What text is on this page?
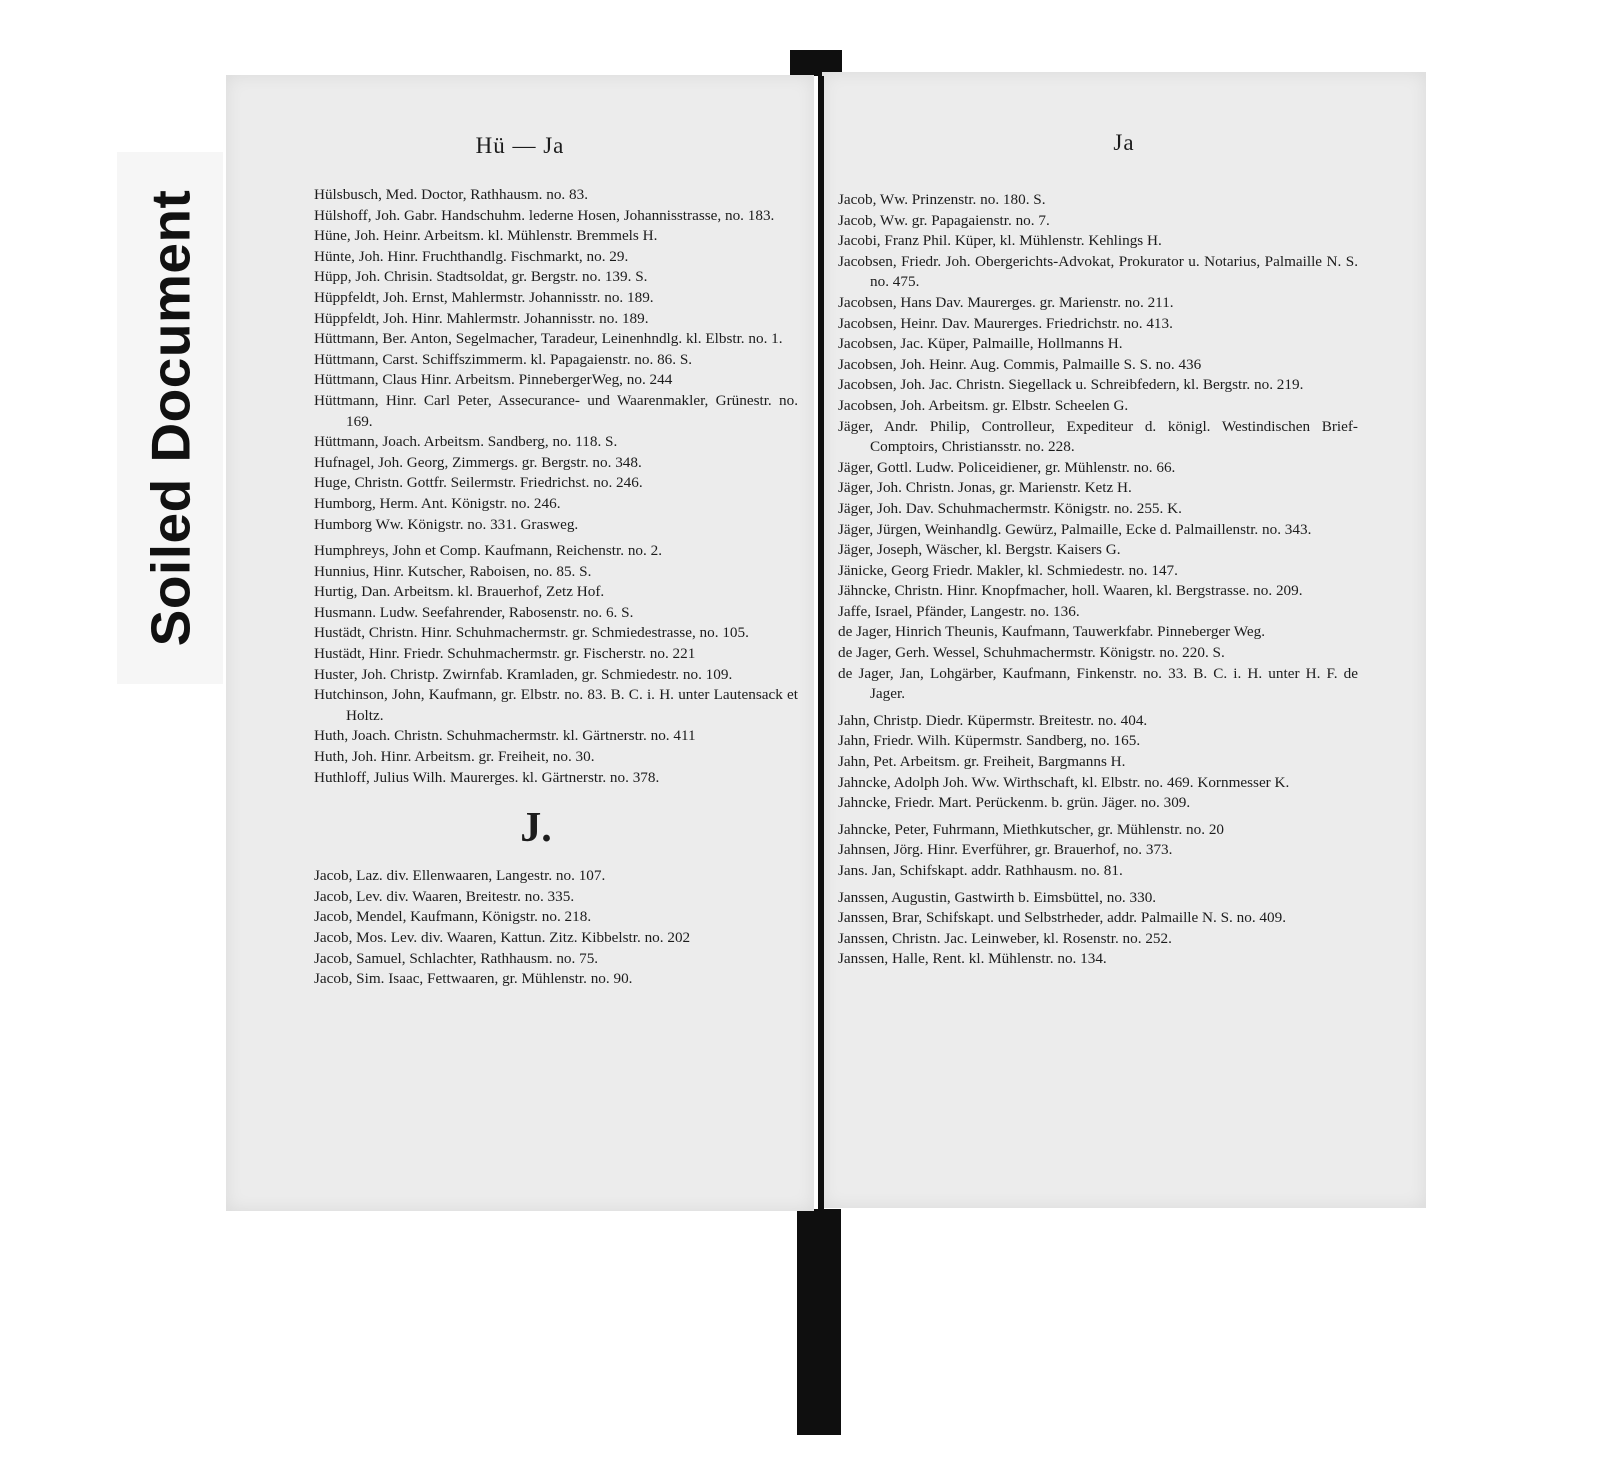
Soiled Document
Hü — Ja
Hülsbusch, Med. Doctor, Rathhausm. no. 83.
Hülshoff, Joh. Gabr. Handschuhm. lederne Hosen, Johannisstrasse, no. 183.
Hüne, Joh. Heinr. Arbeitsm. kl. Mühlenstr. Bremmels H.
Hünte, Joh. Hinr. Fruchthandlg. Fischmarkt, no. 29.
Hüpp, Joh. Chrisin. Stadtsoldat, gr. Bergstr. no. 139. S.
Hüppfeldt, Joh. Ernst, Mahlermstr. Johannisstr. no. 189.
Hüppfeldt, Joh. Hinr. Mahlermstr. Johannisstr. no. 189.
Hüttmann, Ber. Anton, Segelmacher, Taradeur, Leinenhndlg. kl. Elbstr. no. 1.
Hüttmann, Carst. Schiffszimmerm. kl. Papagaienstr. no. 86. S.
Hüttmann, Claus Hinr. Arbeitsm. PinnebergerWeg, no. 244
Hüttmann, Hinr. Carl Peter, Assecurance- und Waarenmakler, Grünestr. no. 169.
Hüttmann, Joach. Arbeitsm. Sandberg, no. 118. S.
Hufnagel, Joh. Georg, Zimmergs. gr. Bergstr. no. 348.
Huge, Christn. Gottfr. Seilermstr. Friedrichst. no. 246.
Humborg, Herm. Ant. Königstr. no. 246.
Humborg Ww. Königstr. no. 331. Grasweg.
Humphreys, John et Comp. Kaufmann, Reichenstr. no. 2.
Hunnius, Hinr. Kutscher, Raboisen, no. 85. S.
Hurtig, Dan. Arbeitsm. kl. Brauerhof, Zetz Hof.
Husmann. Ludw. Seefahrender, Rabosenstr. no. 6. S.
Hustädt, Christn. Hinr. Schuhmachermstr. gr. Schmiedestrasse, no. 105.
Hustädt, Hinr. Friedr. Schuhmachermstr. gr. Fischerstr. no. 221
Huster, Joh. Christp. Zwirnfab. Kramladen, gr. Schmiedestr. no. 109.
Hutchinson, John, Kaufmann, gr. Elbstr. no. 83. B. C. i. H. unter Lautensack et Holtz.
Huth, Joach. Christn. Schuhmachermstr. kl. Gärtnerstr. no. 411
Huth, Joh. Hinr. Arbeitsm. gr. Freiheit, no. 30.
Huthloff, Julius Wilh. Maurerges. kl. Gärtnerstr. no. 378.
J.
Jacob, Laz. div. Ellenwaaren, Langestr. no. 107.
Jacob, Lev. div. Waaren, Breitestr. no. 335.
Jacob, Mendel, Kaufmann, Königstr. no. 218.
Jacob, Mos. Lev. div. Waaren, Kattun. Zitz. Kibbelstr. no. 202
Jacob, Samuel, Schlachter, Rathhausm. no. 75.
Jacob, Sim. Isaac, Fettwaaren, gr. Mühlenstr. no. 90.
Ja
Jacob, Ww. Prinzenstr. no. 180. S.
Jacob, Ww. gr. Papagaienstr. no. 7.
Jacobi, Franz Phil. Küper, kl. Mühlenstr. Kehlings H.
Jacobsen, Friedr. Joh. Obergerichts-Advokat, Prokurator u. Notarius, Palmaille N. S. no. 475.
Jacobsen, Hans Dav. Maurerges. gr. Marienstr. no. 211.
Jacobsen, Heinr. Dav. Maurerges. Friedrichstr. no. 413.
Jacobsen, Jac. Küper, Palmaille, Hollmanns H.
Jacobsen, Joh. Heinr. Aug. Commis, Palmaille S. S. no. 436
Jacobsen, Joh. Jac. Christn. Siegellack u. Schreibfedern, kl. Bergstr. no. 219.
Jacobsen, Joh. Arbeitsm. gr. Elbstr. Scheelen G.
Jäger, Andr. Philip, Controlleur, Expediteur d. königl. Westindischen Brief-Comptoirs, Christiansstr. no. 228.
Jäger, Gottl. Ludw. Policeidiener, gr. Mühlenstr. no. 66.
Jäger, Joh. Christn. Jonas, gr. Marienstr. Ketz H.
Jäger, Joh. Dav. Schuhmachermstr. Königstr. no. 255. K.
Jäger, Jürgen, Weinhandlg. Gewürz, Palmaille, Ecke d. Palmaillenstr. no. 343.
Jäger, Joseph, Wäscher, kl. Bergstr. Kaisers G.
Jänicke, Georg Friedr. Makler, kl. Schmiedestr. no. 147.
Jähncke, Christn. Hinr. Knopfmacher, holl. Waaren, kl. Bergstrasse. no. 209.
Jaffe, Israel, Pfänder, Langestr. no. 136.
de Jager, Hinrich Theunis, Kaufmann, Tauwerkfabr. Pinneberger Weg.
de Jager, Gerh. Wessel, Schuhmachermstr. Königstr. no. 220. S.
de Jager, Jan, Lohgärber, Kaufmann, Finkenstr. no. 33. B. C. i. H. unter H. F. de Jager.
Jahn, Christp. Diedr. Küpermstr. Breitestr. no. 404.
Jahn, Friedr. Wilh. Küpermstr. Sandberg, no. 165.
Jahn, Pet. Arbeitsm. gr. Freiheit, Bargmanns H.
Jahncke, Adolph Joh. Ww. Wirthschaft, kl. Elbstr. no. 469. Kornmesser K.
Jahncke, Friedr. Mart. Perückenm. b. grün. Jäger. no. 309.
Jahncke, Peter, Fuhrmann, Miethkutscher, gr. Mühlenstr. no. 20
Jahnsen, Jörg. Hinr. Everführer, gr. Brauerhof, no. 373.
Jans. Jan, Schifskapt. addr. Rathhausm. no. 81.
Janssen, Augustin, Gastwirth b. Eimsbüttel, no. 330.
Janssen, Brar, Schifskapt. und Selbstrheder, addr. Palmaille N. S. no. 409.
Janssen, Christn. Jac. Leinweber, kl. Rosenstr. no. 252.
Janssen, Halle, Rent. kl. Mühlenstr. no. 134.
